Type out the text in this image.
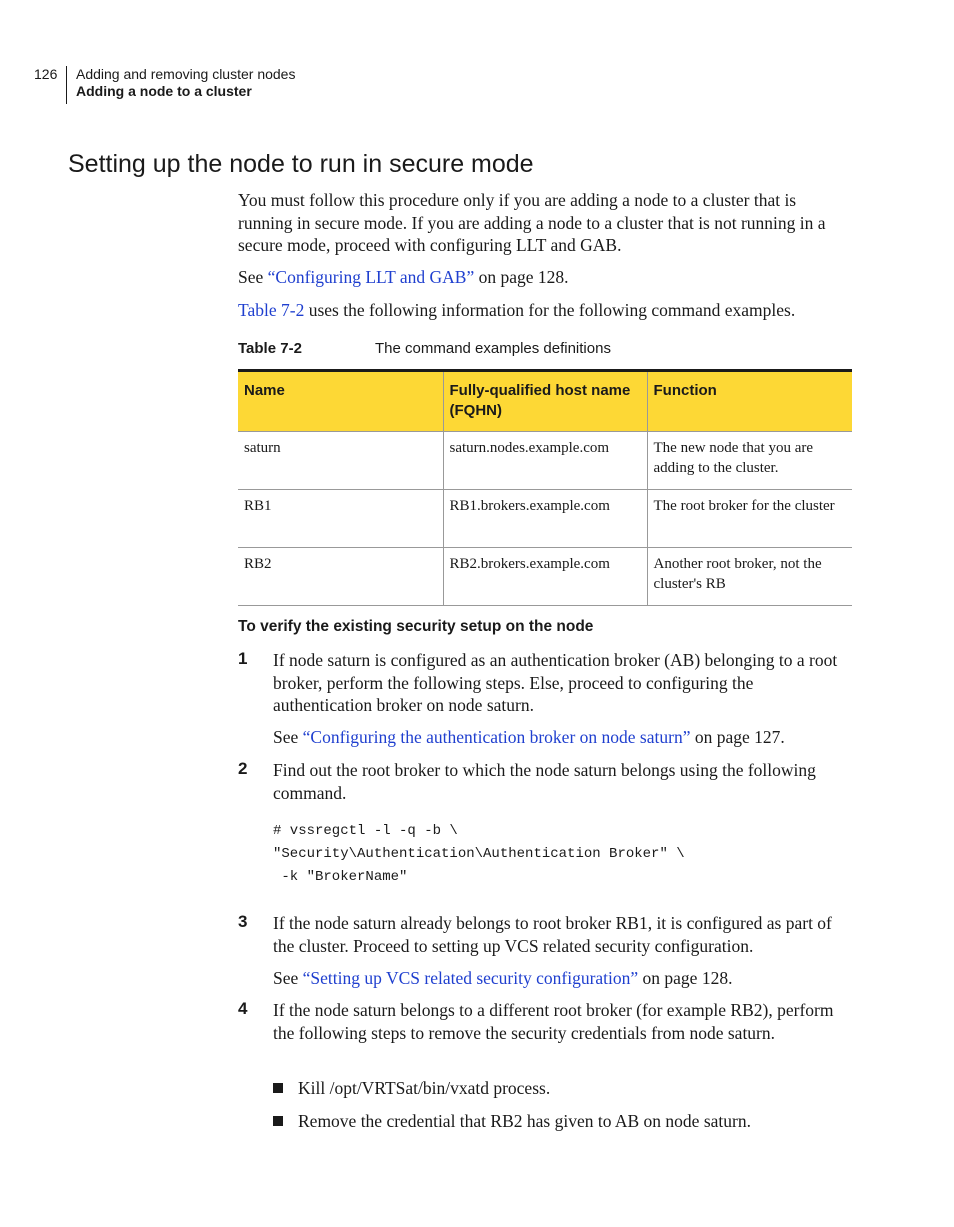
126 Adding and removing cluster nodes
Adding a node to a cluster
Setting up the node to run in secure mode

You must follow this procedure only if you are adding a node to a cluster that is running in secure mode. If you are adding a node to a cluster that is not running in a secure mode, proceed with configuring LLT and GAB.

See “Configuring LLT and GAB” on page 128.

Table 7-2 uses the following information for the following command examples.

Table 7-2	The command examples definitions
Name	Fully-qualified host name (FQHN)	Function
saturn	saturn.nodes.example.com	The new node that you are adding to the cluster.
RB1	RB1.brokers.example.com	The root broker for the cluster
RB2	RB2.brokers.example.com	Another root broker, not the cluster's RB
To verify the existing security setup on the node
1 If node saturn is configured as an authentication broker (AB) belonging to a root broker, perform the following steps. Else, proceed to configuring the authentication broker on node saturn.

See “Configuring the authentication broker on node saturn” on page 127.

2 Find out the root broker to which the node saturn belongs using the following command.

# vssregctl -l -q -b \
"Security\Authentication\Authentication Broker" \
-k "BrokerName"
3 If the node saturn already belongs to root broker RB1, it is configured as part of the cluster. Proceed to setting up VCS related security configuration.

See “Setting up VCS related security configuration” on page 128.

4 If the node saturn belongs to a different root broker (for example RB2), perform the following steps to remove the security credentials from node saturn.

Kill /opt/VRTSat/bin/vxatd process.
Remove the credential that RB2 has given to AB on node saturn.
